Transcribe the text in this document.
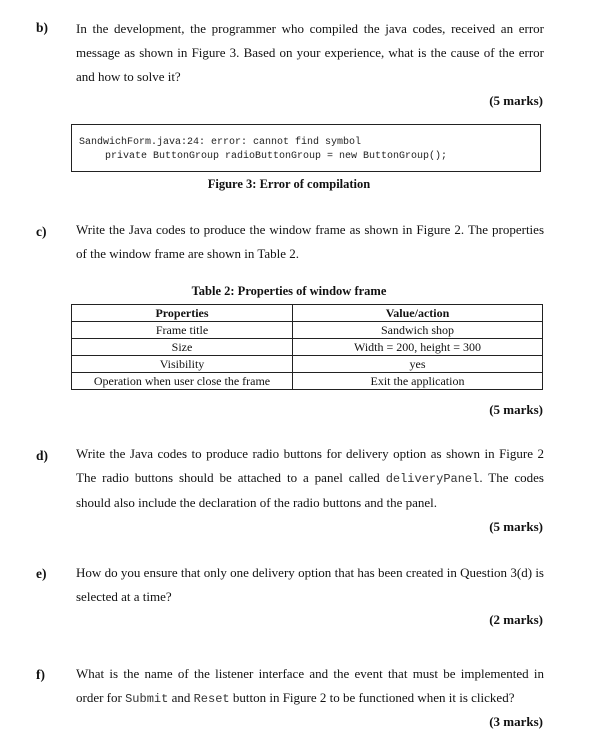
b) In the development, the programmer who compiled the java codes, received an error message as shown in Figure 3. Based on your experience, what is the cause of the error and how to solve it?
(5 marks)
SandwichForm.java:24: error: cannot find symbol
private ButtonGroup radioButtonGroup = new ButtonGroup();
Figure 3: Error of compilation
c) Write the Java codes to produce the window frame as shown in Figure 2. The properties of the window frame are shown in Table 2.
Table 2: Properties of window frame
Properties	Value/action
Frame title	Sandwich shop
Size	Width = 200, height = 300
Visibility	yes
Operation when user close the frame	Exit the application
(5 marks)
d) Write the Java codes to produce radio buttons for delivery option as shown in Figure 2 The radio buttons should be attached to a panel called deliveryPanel. The codes should also include the declaration of the radio buttons and the panel.
(5 marks)
e) How do you ensure that only one delivery option that has been created in Question 3(d) is selected at a time?
(2 marks)
f) What is the name of the listener interface and the event that must be implemented in order for Submit and Reset button in Figure 2 to be functioned when it is clicked?
(3 marks)
